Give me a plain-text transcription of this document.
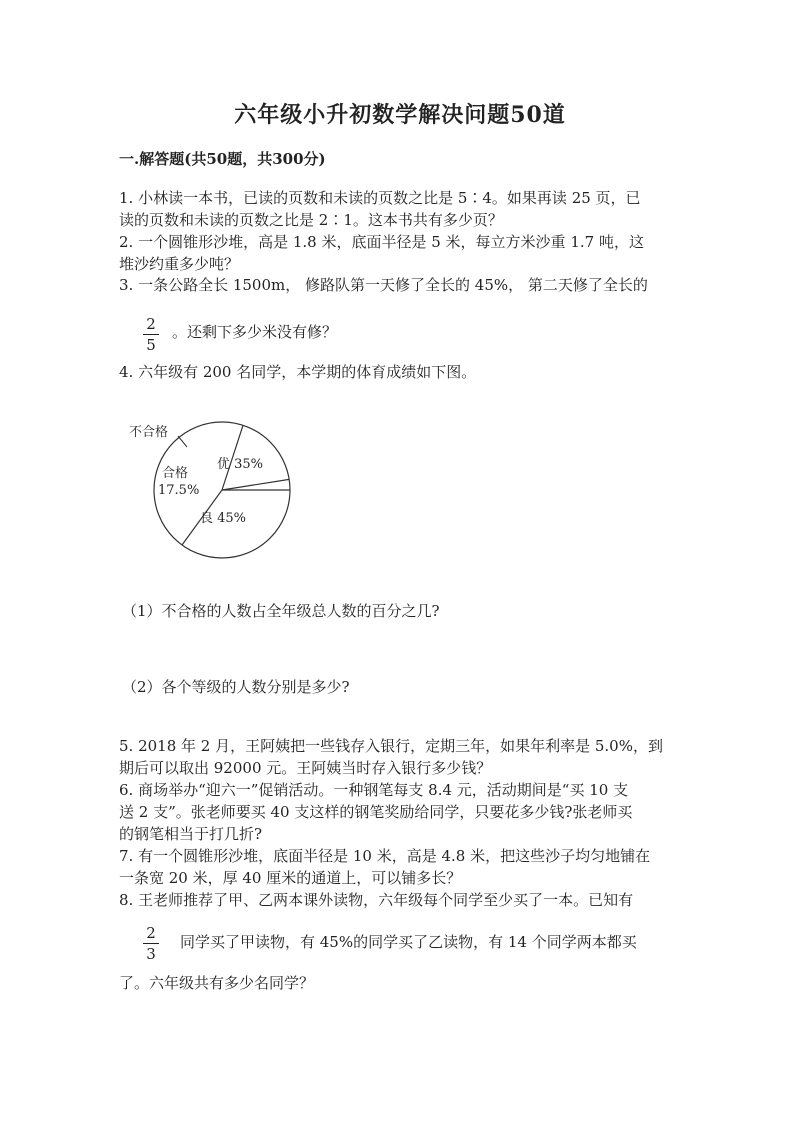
六年级小升初数学解决问题50道
一.解答题(共50题，共300分)
1. 小林读一本书，已读的页数和未读的页数之比是 5∶4。如果再读 25 页，已
读的页数和未读的页数之比是 2∶1。这本书共有多少页？
2. 一个圆锥形沙堆，高是 1.8 米，底面半径是 5 米，每立方米沙重 1.7 吨，这
堆沙约重多少吨？
3. 一条公路全长 1500m， 修路队第一天修了全长的 45%， 第二天修了全长的
2
5
。还剩下多少米没有修？
4. 六年级有 200 名同学，本学期的体育成绩如下图。
优 35%
良 45%
合格
17.5%
不合格
（1）不合格的人数占全年级总人数的百分之几?
（2）各个等级的人数分别是多少?
5. 2018 年 2 月，王阿姨把一些钱存入银行，定期三年，如果年利率是 5.0%，到
期后可以取出 92000 元。王阿姨当时存入银行多少钱？
6. 商场举办“迎六一”促销活动。一种钢笔每支 8.4 元，活动期间是“买 10 支
送 2 支”。张老师要买 40 支这样的钢笔奖励给同学，只要花多少钱?张老师买
的钢笔相当于打几折?
7. 有一个圆锥形沙堆，底面半径是 10 米，高是 4.8 米，把这些沙子均匀地铺在
一条宽 20 米，厚 40 厘米的通道上，可以铺多长？
8. 王老师推荐了甲、乙两本课外读物，六年级每个同学至少买了一本。已知有
2
3
同学买了甲读物，有 45%的同学买了乙读物，有 14 个同学两本都买
了。六年级共有多少名同学？
